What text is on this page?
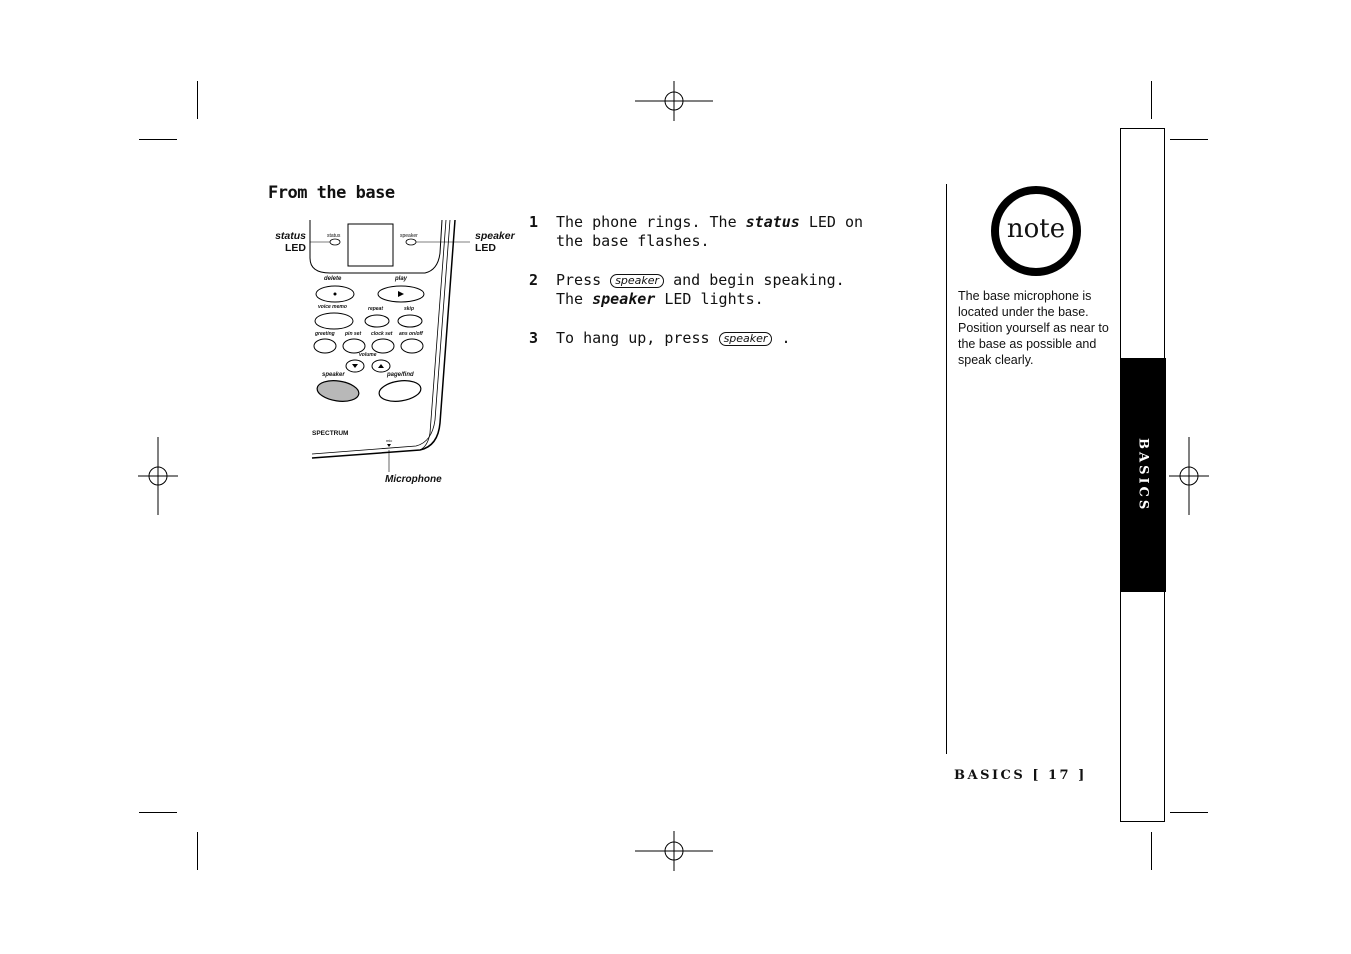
From the base
status
LED
speaker
LED
Microphone
status	speaker
delete	play
voice memo	repeat	skip
greeting pin set clock set ans on/off
volume
speaker	page/find
SPECTRUM
mic
1 The phone rings. The status LED on the base flashes.
2 Press speaker and begin speaking.
The speaker LED lights.
3 To hang up, press speaker .
note
The base microphone is located under the base. Position yourself as near to the base as possible and speak clearly.
BASICS
BASICS [ 17 ]
